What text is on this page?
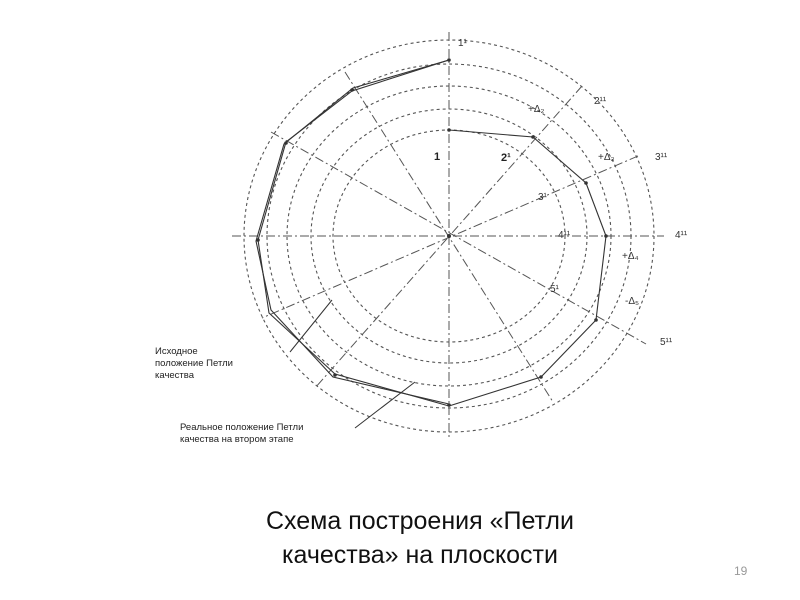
1¹
2¹¹
3¹¹
4¹¹
5¹¹
1	2¹
3¹
4¹¹
5¹
+Δ₂
+Δ₃
+Δ₄
-Δ₅
Исходное
положение Петли
качества
Реальное положение Петли
качества на втором этапе
Схема построения «Петли
качества» на плоскости
19
